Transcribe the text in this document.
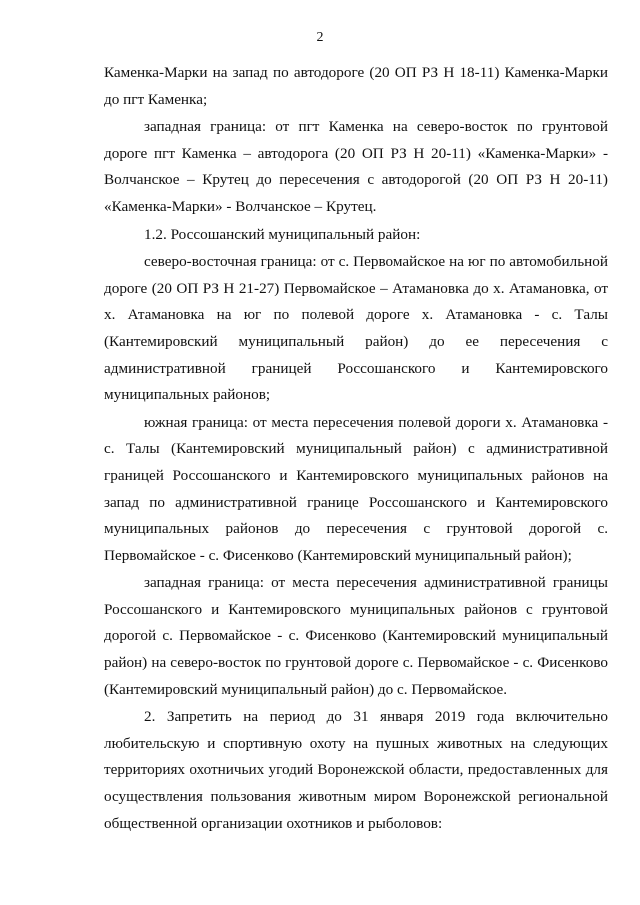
2

Каменка-Марки на запад по автодороге (20 ОП РЗ Н 18-11) Каменка-Марки до пгт Каменка;

западная граница: от пгт Каменка на северо-восток по грунтовой дороге пгт Каменка – автодорога (20 ОП РЗ Н 20-11) «Каменка-Марки» - Волчанское – Крутец до пересечения с автодорогой (20 ОП РЗ Н 20-11) «Каменка-Марки» - Волчанское – Крутец.

1.2. Россошанский муниципальный район:

северо-восточная граница: от с. Первомайское на юг по автомобильной дороге (20 ОП РЗ Н 21-27) Первомайское – Атамановка до х. Атамановка, от х. Атамановка на юг по полевой дороге х. Атамановка - с. Талы (Кантемировский муниципальный район) до ее пересечения с административной границей Россошанского и Кантемировского муниципальных районов;

южная граница: от места пересечения полевой дороги х. Атамановка - с. Талы (Кантемировский муниципальный район) с административной границей Россошанского и Кантемировского муниципальных районов на запад по административной границе Россошанского и Кантемировского муниципальных районов до пересечения с грунтовой дорогой с. Первомайское - с. Фисенково (Кантемировский муниципальный район);

западная граница: от места пересечения административной границы Россошанского и Кантемировского муниципальных районов с грунтовой дорогой с. Первомайское - с. Фисенково (Кантемировский муниципальный район) на северо-восток по грунтовой дороге с. Первомайское - с. Фисенково (Кантемировский муниципальный район) до с. Первомайское.

2. Запретить на период до 31 января 2019 года включительно любительскую и спортивную охоту на пушных животных на следующих территориях охотничьих угодий Воронежской области, предоставленных для осуществления пользования животным миром Воронежской региональной общественной организации охотников и рыболовов:
